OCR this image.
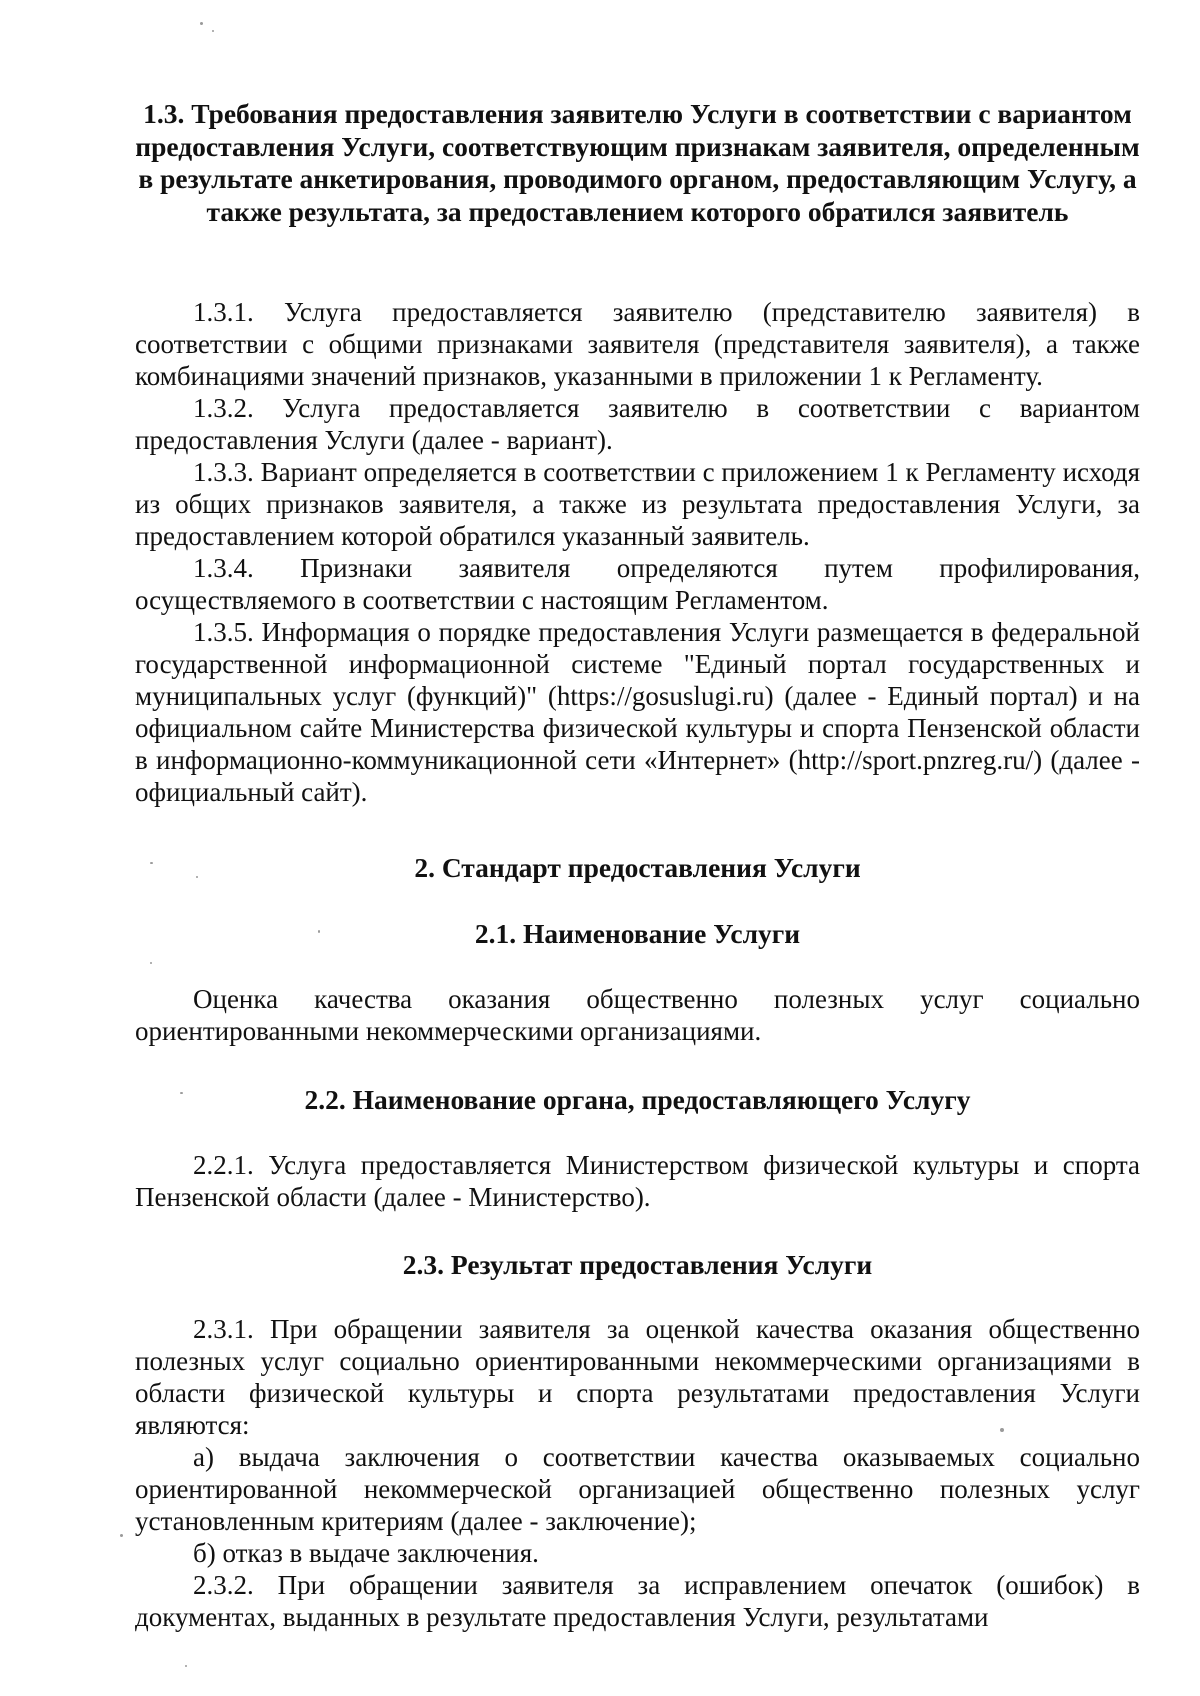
1.3. Требования предоставления заявителю Услуги в соответствии с вариантом предоставления Услуги, соответствующим признакам заявителя, определенным в результате анкетирования, проводимого органом, предоставляющим Услугу, а также результата, за предоставлением которого обратился заявитель

1.3.1. Услуга предоставляется заявителю (представителю заявителя) в соответствии с общими признаками заявителя (представителя заявителя), а также комбинациями значений признаков, указанными в приложении 1 к Регламенту.

1.3.2. Услуга предоставляется заявителю в соответствии с вариантом предоставления Услуги (далее - вариант).

1.3.3. Вариант определяется в соответствии с приложением 1 к Регламенту исходя из общих признаков заявителя, а также из результата предоставления Услуги, за предоставлением которой обратился указанный заявитель.

1.3.4. Признаки заявителя определяются путем профилирования, осуществляемого в соответствии с настоящим Регламентом.

1.3.5. Информация о порядке предоставления Услуги размещается в федеральной государственной информационной системе "Единый портал государственных и муниципальных услуг (функций)" (https://gosuslugi.ru) (далее - Единый портал) и на официальном сайте Министерства физической культуры и спорта Пензенской области в информационно-коммуникационной сети «Интернет» (http://sport.pnzreg.ru/) (далее - официальный сайт).

2. Стандарт предоставления Услуги
2.1. Наименование Услуги

Оценка качества оказания общественно полезных услуг социально ориентированными некоммерческими организациями.

2.2. Наименование органа, предоставляющего Услугу

2.2.1. Услуга предоставляется Министерством физической культуры и спорта Пензенской области (далее - Министерство).

2.3. Результат предоставления Услуги

2.3.1. При обращении заявителя за оценкой качества оказания общественно полезных услуг социально ориентированными некоммерческими организациями в области физической культуры и спорта результатами предоставления Услуги являются:

а) выдача заключения о соответствии качества оказываемых социально ориентированной некоммерческой организацией общественно полезных услуг установленным критериям (далее - заключение);

б) отказ в выдаче заключения.

2.3.2. При обращении заявителя за исправлением опечаток (ошибок) в документах, выданных в результате предоставления Услуги, результатами
